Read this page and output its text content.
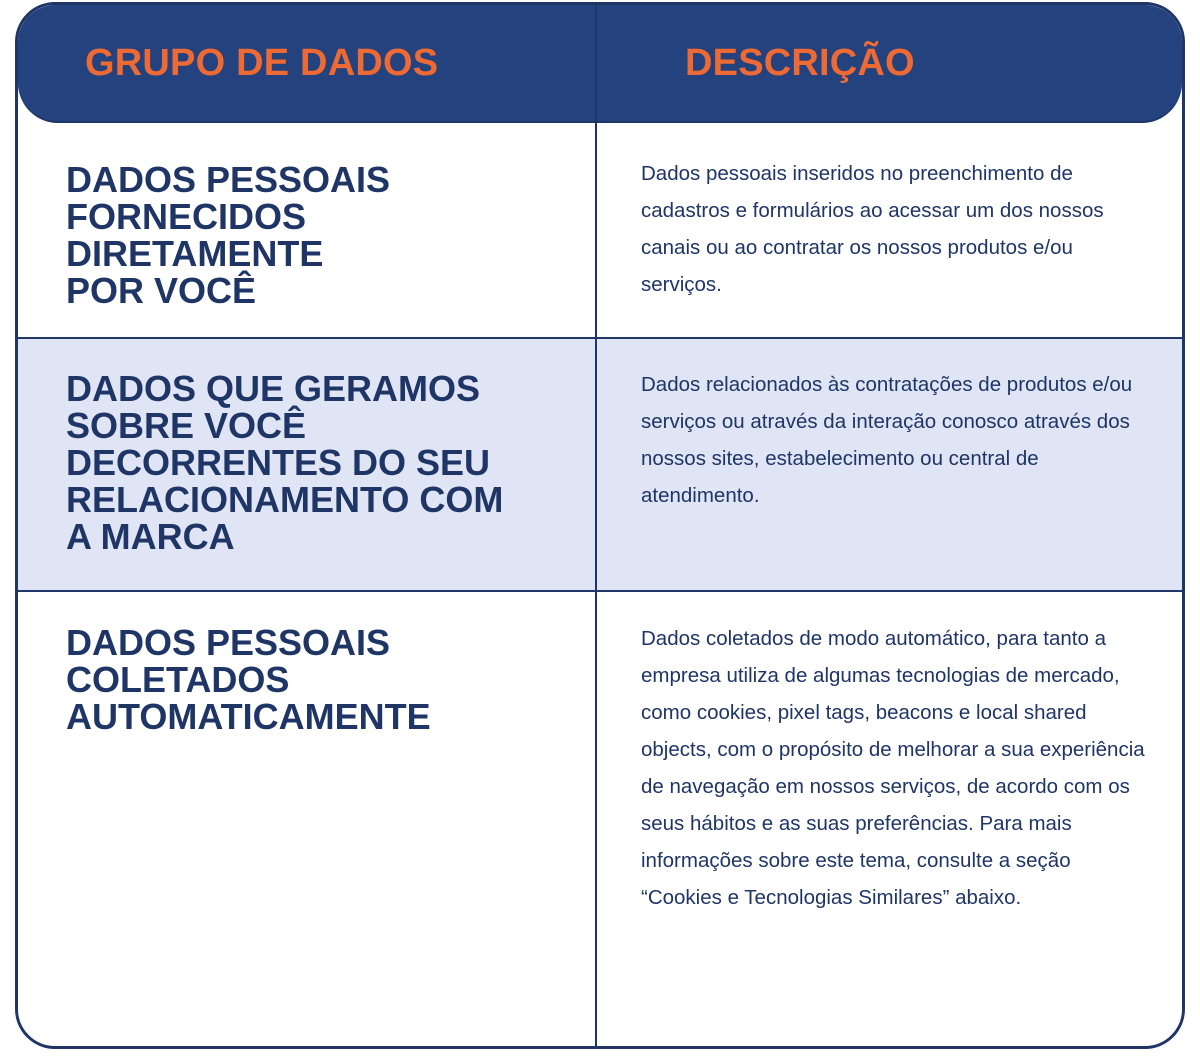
DADOS PESSOAIS
FORNECIDOS
DIRETAMENTE
POR VOCÊ
Dados pessoais inseridos no preenchimento de cadastros e formulários ao acessar um dos nossos canais ou ao contratar os nossos produtos e/ou serviços.
DADOS QUE GERAMOS
SOBRE VOCÊ
DECORRENTES DO SEU
RELACIONAMENTO COM
A MARCA
Dados relacionados às contratações de produtos e/ou serviços ou através da interação conosco através dos nossos sites, estabelecimento ou central de atendimento.
DADOS PESSOAIS
COLETADOS
AUTOMATICAMENTE
Dados coletados de modo automático, para tanto a empresa utiliza de algumas tecnologias de mercado, como cookies, pixel tags, beacons e local shared objects, com o propósito de melhorar a sua experiência de navegação em nossos serviços, de acordo com os seus hábitos e as suas preferências. Para mais informações sobre este tema, consulte a seção “Cookies e Tecnologias Similares” abaixo.
GRUPO DE DADOS	DESCRIÇÃO
